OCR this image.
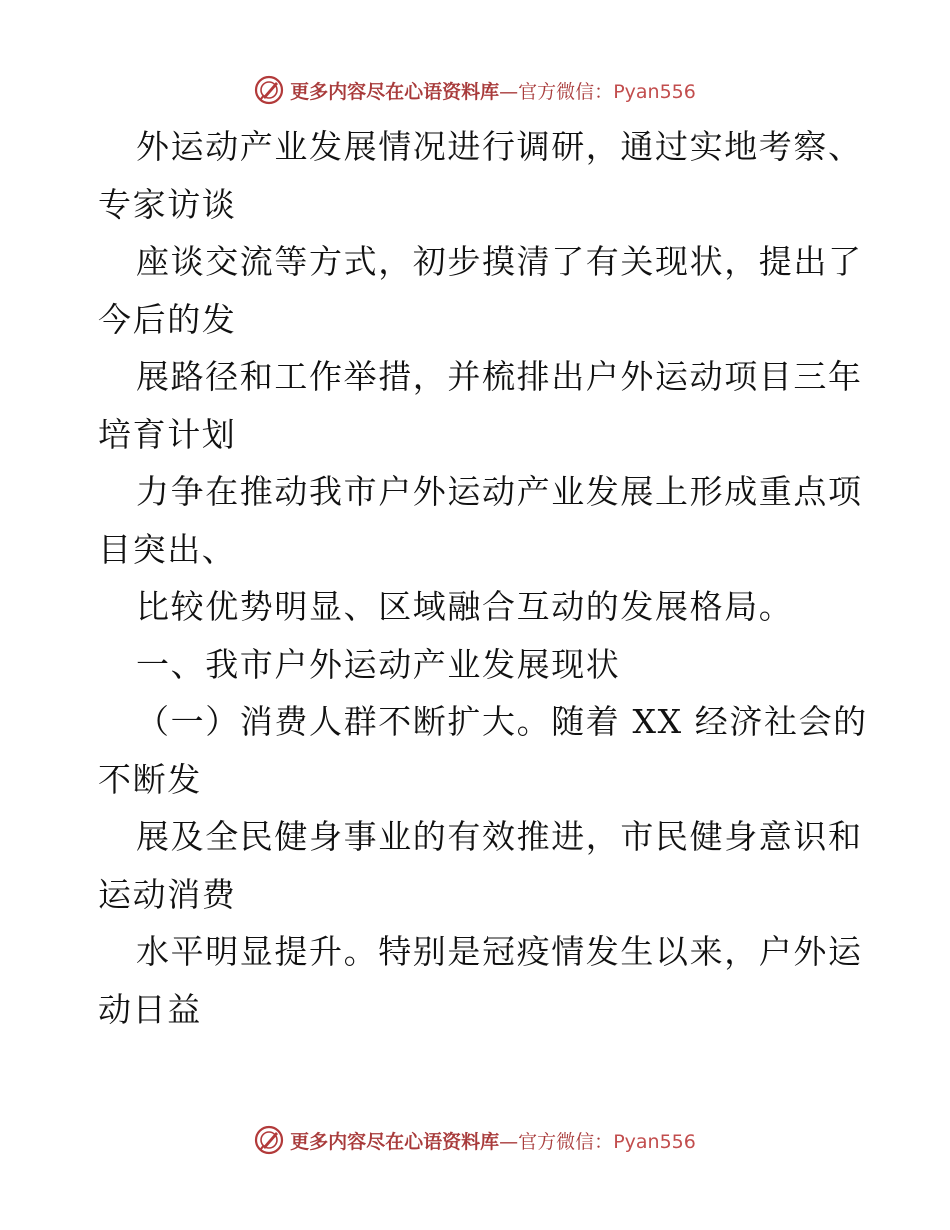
更多内容尽在心语资料库—官方微信：Pyan556

外运动产业发展情况进行调研，通过实地考察、

专家访谈

座谈交流等方式，初步摸清了有关现状，提出了

今后的发

展路径和工作举措，并梳排出户外运动项目三年

培育计划

力争在推动我市户外运动产业发展上形成重点项

目突出、

比较优势明显、区域融合互动的发展格局。

一、我市户外运动产业发展现状

（一）消费人群不断扩大。随着 XX 经济社会的

不断发

展及全民健身事业的有效推进，市民健身意识和

运动消费

水平明显提升。特别是冠疫情发生以来，户外运

动日益

更多内容尽在心语资料库—官方微信：Pyan556
